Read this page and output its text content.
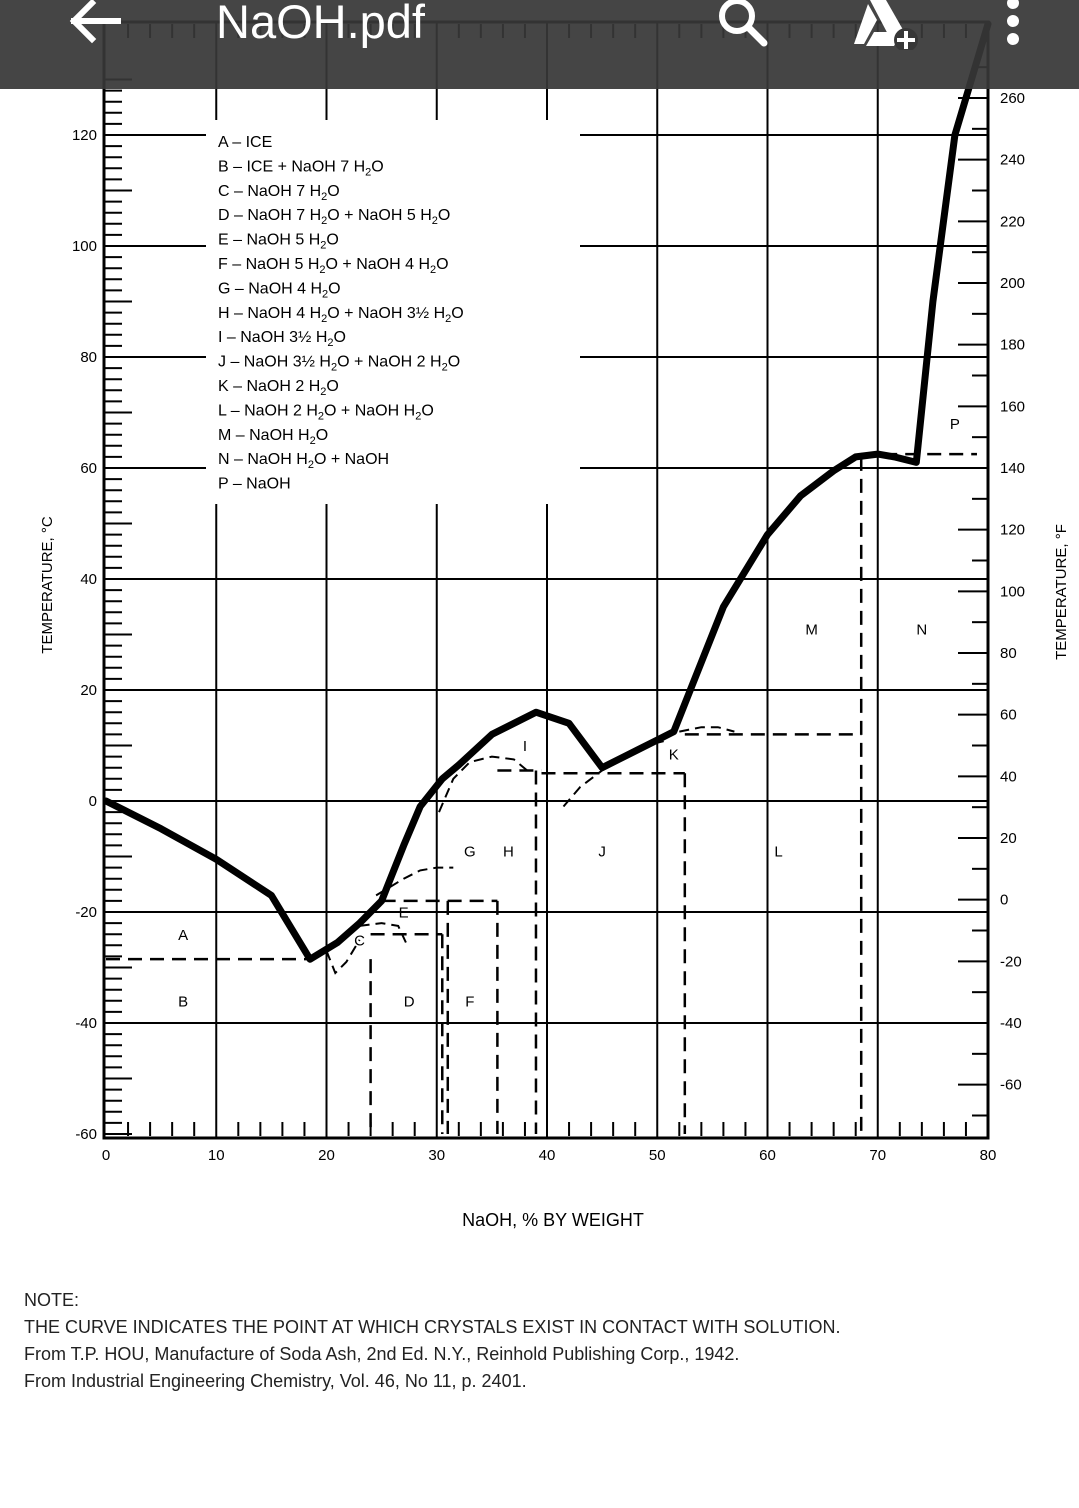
A – ICE
B – ICE + NaOH 7 $H_2O$
C – NaOH 7 $H_2O$
D – NaOH 7 $H_2O$ + NaOH 5 $H_2O$
E – NaOH 5 $H_2O$
F – NaOH 5 $H_2O$ + NaOH 4 $H_2O$
G – NaOH 4 $H_2O$
H – NaOH 4 $H_2O$ + NaOH 3½ $H_2O$
I – NaOH 3½ $H_2O$
J – NaOH 3½ $H_2O$ + NaOH 2 $H_2O$
K – NaOH 2 $H_2O$
L – NaOH 2 $H_2O$ + NaOH $H_2O$
M – NaOH $H_2O$
N – NaOH $H_2O$ + NaOH
P – NaOH
A
B
C
D
E
F
G H
I
J
K
L
M	N
P
0	10	20	30	40	50	60	70	80
-60
-40
-20
0
20
40
60
80
100
120
-60
-40
-20
0
20
40
60
80
100
120
140
160
180
200
220
240
260
NaOH, % BY WEIGHT
TEMPERATURE, °C	TEMPERATURE, °F
NaOH.pdf
NOTE:
THE CURVE INDICATES THE POINT AT WHICH CRYSTALS EXIST IN CONTACT WITH SOLUTION.
From T.P. HOU, Manufacture of Soda Ash, 2nd Ed. N.Y., Reinhold Publishing Corp., 1942.
From Industrial Engineering Chemistry, Vol. 46, No 11, p. 2401.
